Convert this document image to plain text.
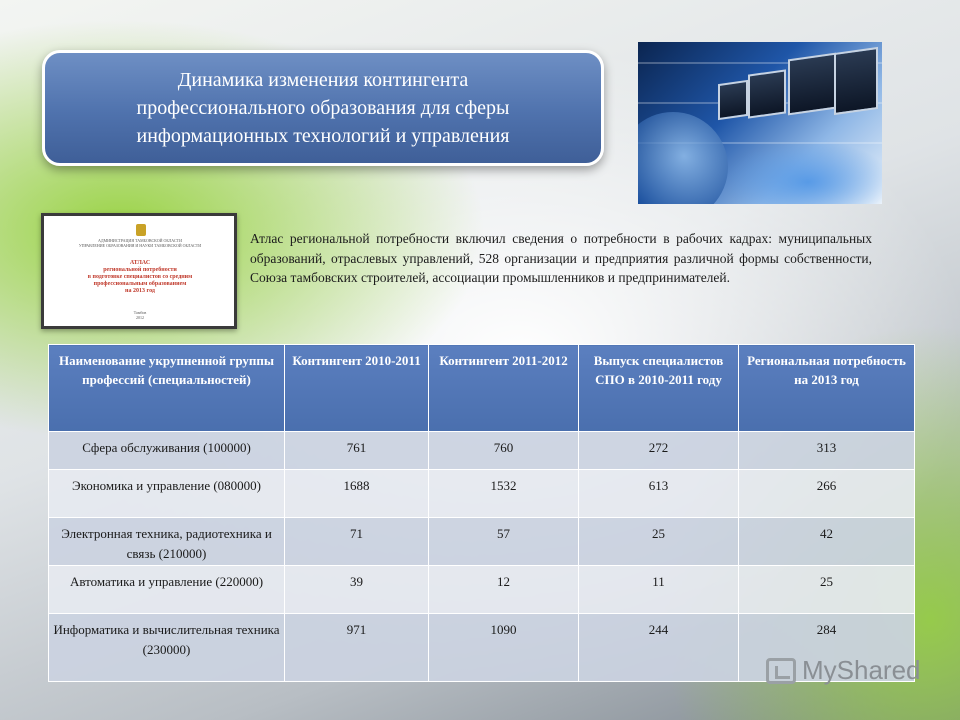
Динамика изменения контингента
профессионального образования для сферы
информационных технологий и управления
АДМИНИСТРАЦИЯ ТАМБОВСКОЙ ОБЛАСТИ
УПРАВЛЕНИЕ ОБРАЗОВАНИЯ И НАУКИ ТАМБОВСКОЙ ОБЛАСТИ
АТЛАС
региональной потребности
в подготовке специалистов со средним
профессиональным образованием
на 2013 год
Тамбов
2012
Атлас региональной потребности включил сведения о потребности в рабочих кадрах: муниципальных образований, отраслевых управлений, 528 организации и предприятия различной формы собственности, Союза тамбовских строителей, ассоциации промышленников и предпринимателей.
Наименование укрупненной группы профессий (специальностей)	Контингент 2010-2011	Контингент 2011-2012	Выпуск специалистов СПО в 2010-2011 году	Региональная потребность на 2013 год
Сфера обслуживания (100000)	761	760	272	313
Экономика и управление (080000)	1688	1532	613	266
Электронная техника, радиотехника и связь (210000)	71	57	25	42
Автоматика и управление (220000)	39	12	11	25
Информатика и вычислительная техника (230000)	971	1090	244	284
MyShared
